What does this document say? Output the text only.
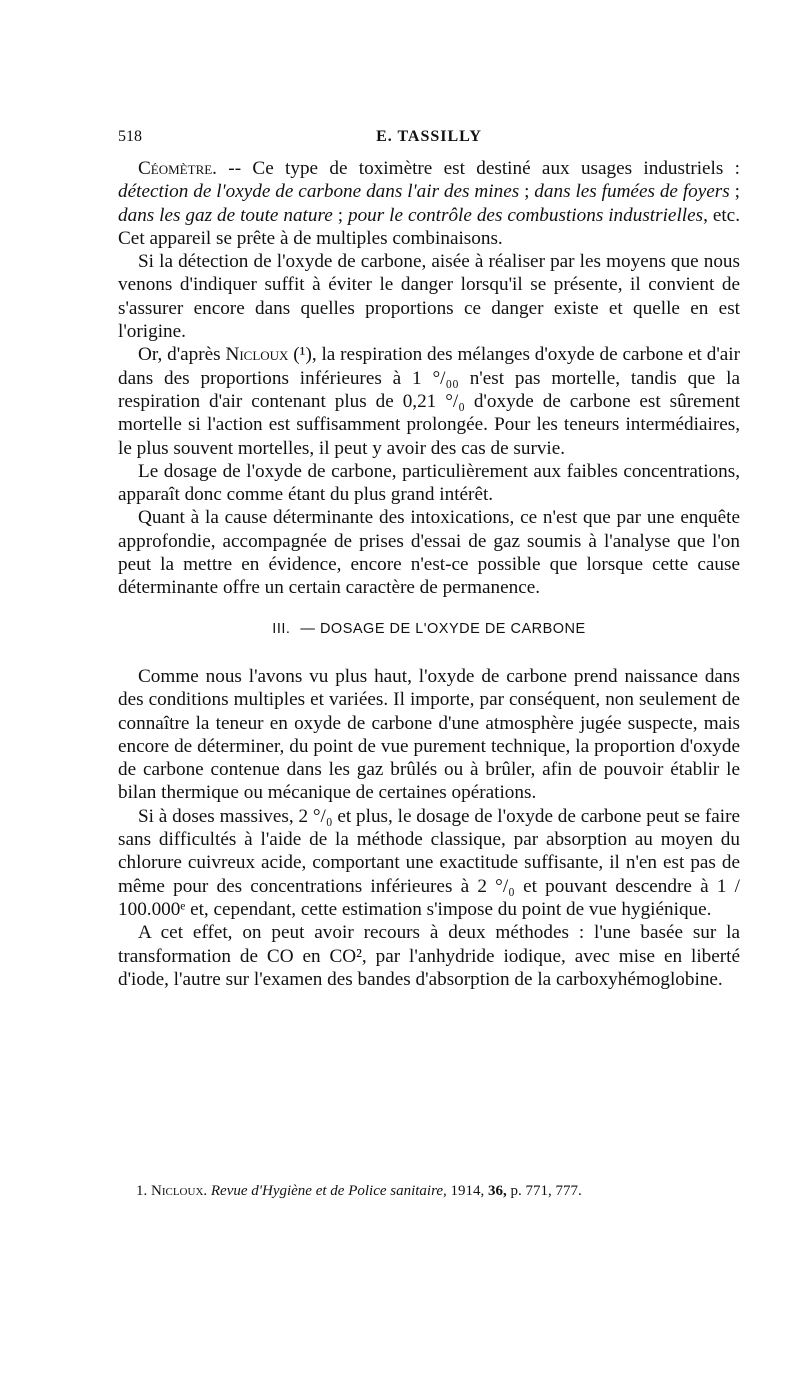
518	E. TASSILLY

Céomètre. -- Ce type de toximètre est destiné aux usages industriels : détection de l'oxyde de carbone dans l'air des mines ; dans les fumées de foyers ; dans les gaz de toute nature ; pour le contrôle des combustions industrielles, etc. Cet appareil se prête à de multiples combinaisons.

Si la détection de l'oxyde de carbone, aisée à réaliser par les moyens que nous venons d'indiquer suffit à éviter le danger lorsqu'il se présente, il convient de s'assurer encore dans quelles proportions ce danger existe et quelle en est l'origine.

Or, d'après Nicloux (¹), la respiration des mélanges d'oxyde de carbone et d'air dans des proportions inférieures à 1 °/₀₀ n'est pas mortelle, tandis que la respiration d'air contenant plus de 0,21 °/₀ d'oxyde de carbone est sûrement mortelle si l'action est suffisamment prolongée. Pour les teneurs intermédiaires, le plus souvent mortelles, il peut y avoir des cas de survie.

Le dosage de l'oxyde de carbone, particulièrement aux faibles concentrations, apparaît donc comme étant du plus grand intérêt.

Quant à la cause déterminante des intoxications, ce n'est que par une enquête approfondie, accompagnée de prises d'essai de gaz soumis à l'analyse que l'on peut la mettre en évidence, encore n'est-ce possible que lorsque cette cause déterminante offre un certain caractère de permanence.

III. — DOSAGE DE L'OXYDE DE CARBONE

Comme nous l'avons vu plus haut, l'oxyde de carbone prend naissance dans des conditions multiples et variées. Il importe, par conséquent, non seulement de connaître la teneur en oxyde de carbone d'une atmosphère jugée suspecte, mais encore de déterminer, du point de vue purement technique, la proportion d'oxyde de carbone contenue dans les gaz brûlés ou à brûler, afin de pouvoir établir le bilan thermique ou mécanique de certaines opérations.

Si à doses massives, 2 °/₀ et plus, le dosage de l'oxyde de carbone peut se faire sans difficultés à l'aide de la méthode classique, par absorption au moyen du chlorure cuivreux acide, comportant une exactitude suffisante, il n'en est pas de même pour des concentrations inférieures à 2 °/₀ et pouvant descendre à 1 / 100.000ᵉ et, cependant, cette estimation s'impose du point de vue hygiénique.

A cet effet, on peut avoir recours à deux méthodes : l'une basée sur la transformation de CO en CO², par l'anhydride iodique, avec mise en liberté d'iode, l'autre sur l'examen des bandes d'absorption de la carboxyhémoglobine.

1. Nicloux. Revue d'Hygiène et de Police sanitaire, 1914, 36, p. 771, 777.
